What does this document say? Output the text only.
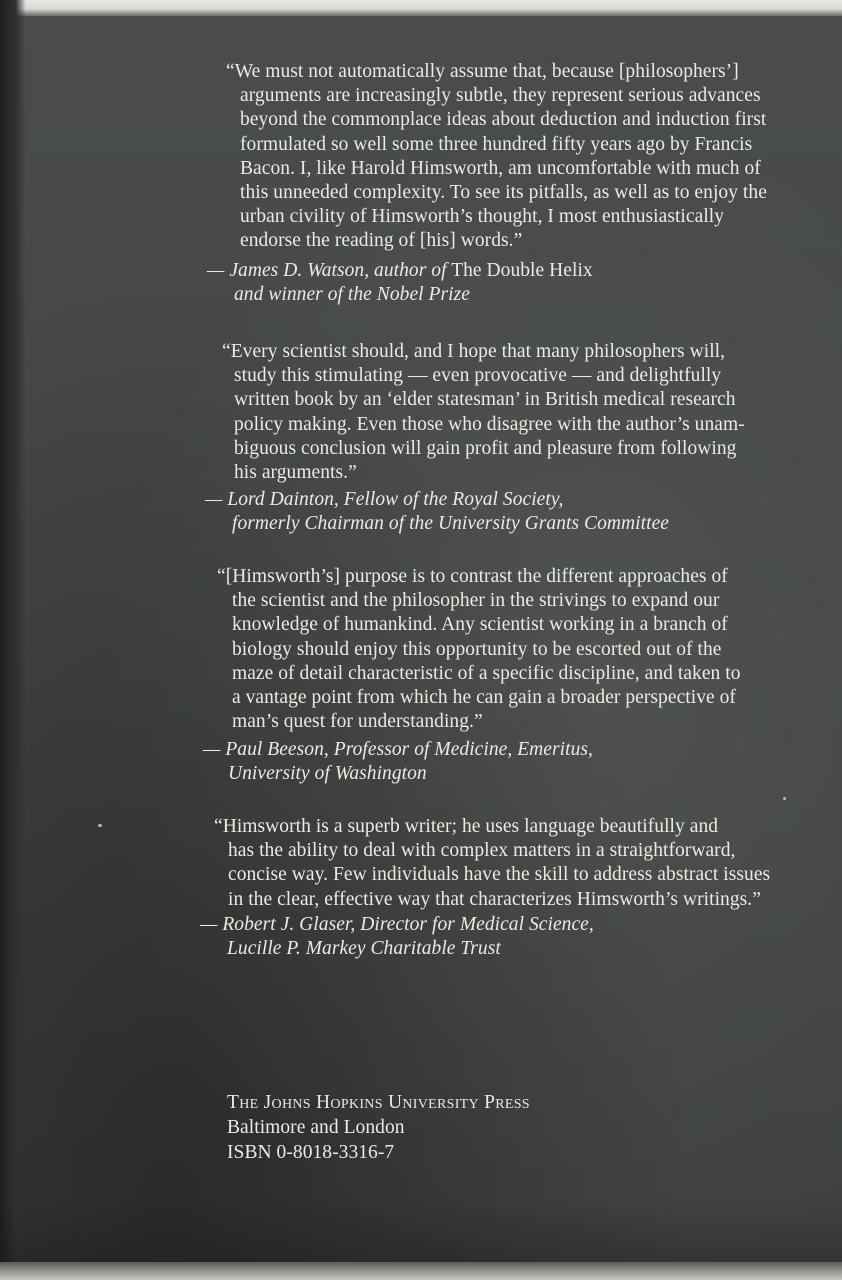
“We must not automatically assume that, because [philosophers’]
arguments are increasingly subtle, they represent serious advances
beyond the commonplace ideas about deduction and induction first
formulated so well some three hundred fifty years ago by Francis
Bacon. I, like Harold Himsworth, am uncomfortable with much of
this unneeded complexity. To see its pitfalls, as well as to enjoy the
urban civility of Himsworth’s thought, I most enthusiastically
endorse the reading of [his] words.”
— James D. Watson, author of The Double Helix
and winner of the Nobel Prize
“Every scientist should, and I hope that many philosophers will,
study this stimulating — even provocative — and delightfully
written book by an ‘elder statesman’ in British medical research
policy making. Even those who disagree with the author’s unam-
biguous conclusion will gain profit and pleasure from following
his arguments.”
— Lord Dainton, Fellow of the Royal Society,
formerly Chairman of the University Grants Committee
“[Himsworth’s] purpose is to contrast the different approaches of
the scientist and the philosopher in the strivings to expand our
knowledge of humankind. Any scientist working in a branch of
biology should enjoy this opportunity to be escorted out of the
maze of detail characteristic of a specific discipline, and taken to
a vantage point from which he can gain a broader perspective of
man’s quest for understanding.”
— Paul Beeson, Professor of Medicine, Emeritus,
University of Washington
“Himsworth is a superb writer; he uses language beautifully and
has the ability to deal with complex matters in a straightforward,
concise way. Few individuals have the skill to address abstract issues
in the clear, effective way that characterizes Himsworth’s writings.”
— Robert J. Glaser, Director for Medical Science,
Lucille P. Markey Charitable Trust
The Johns Hopkins University Press
Baltimore and London
ISBN 0-8018-3316-7
